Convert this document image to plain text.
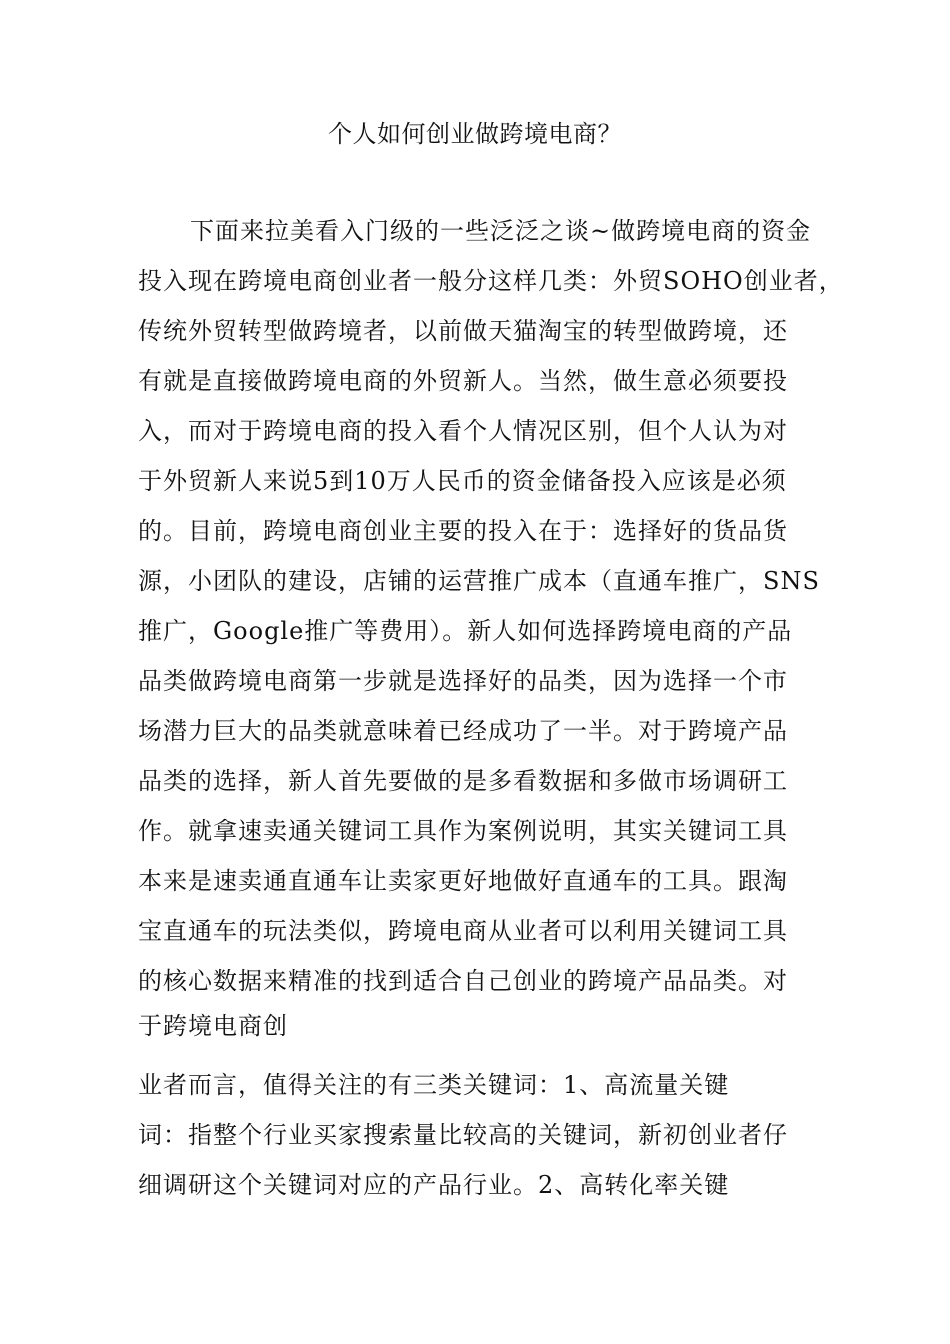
个人如何创业做跨境电商？
下面来拉美看入门级的一些泛泛之谈~做跨境电商的资金
投入现在跨境电商创业者一般分这样几类：外贸SOHO创业者，
传统外贸转型做跨境者，以前做天猫淘宝的转型做跨境，还
有就是直接做跨境电商的外贸新人。当然，做生意必须要投
入，而对于跨境电商的投入看个人情况区别，但个人认为对
于外贸新人来说5到10万人民币的资金储备投入应该是必须
的。目前，跨境电商创业主要的投入在于：选择好的货品货
源，小团队的建设，店铺的运营推广成本（直通车推广，SNS
推广，Google推广等费用）。新人如何选择跨境电商的产品
品类做跨境电商第一步就是选择好的品类，因为选择一个市
场潜力巨大的品类就意味着已经成功了一半。对于跨境产品
品类的选择，新人首先要做的是多看数据和多做市场调研工
作。就拿速卖通关键词工具作为案例说明，其实关键词工具
本来是速卖通直通车让卖家更好地做好直通车的工具。跟淘
宝直通车的玩法类似，跨境电商从业者可以利用关键词工具
的核心数据来精准的找到适合自己创业的跨境产品品类。对
于跨境电商创
业者而言，值得关注的有三类关键词：1、高流量关键
词：指整个行业买家搜索量比较高的关键词，新初创业者仔
细调研这个关键词对应的产品行业。2、高转化率关键
